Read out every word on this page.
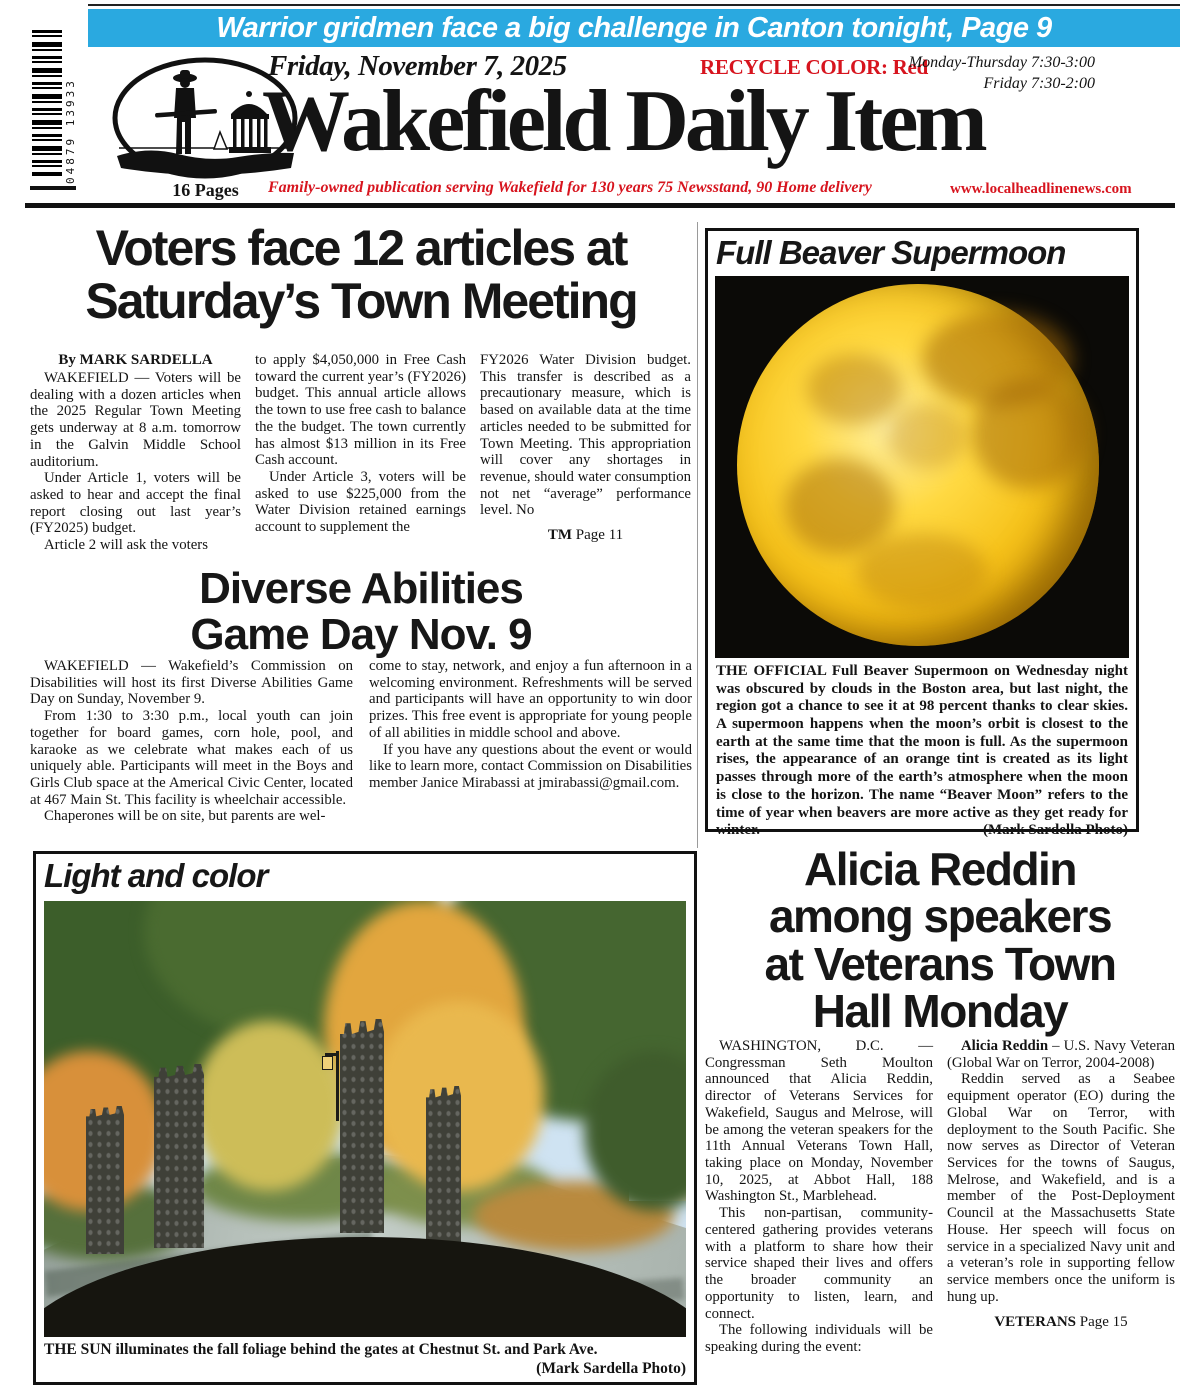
Warrior gridmen face a big challenge in Canton tonight, Page 9
04879 13933
16 Pages
Friday, November 7, 2025	RECYCLE COLOR: Red
Monday-Thursday 7:30-3:00
Friday 7:30-2:00
Wakefield Daily Item
Family-owned publication serving Wakefield for 130 years 75 Newsstand, 90 Home delivery	www.localheadlinenews.com
Voters face 12 articles at
Saturday’s Town Meeting

By MARK SARDELLA

WAKEFIELD — Voters will be dealing with a dozen articles when the 2025 Regular Town Meeting gets underway at 8 a.m. tomorrow in the Galvin Middle School auditorium.

Under Article 1, voters will be asked to hear and accept the final report closing out last year’s (FY2025) budget.

Article 2 will ask the voters

to apply $4,050,000 in Free Cash toward the current year’s (FY2026) budget. This annual article allows the town to use free cash to balance the the budget. The town currently has almost $13 million in its Free Cash account.

Under Article 3, voters will be asked to use $225,000 from the Water Division retained earnings account to supplement the

FY2026 Water Division budget. This transfer is described as a precautionary measure, which is based on available data at the time articles needed to be submitted for Town Meeting. This appropriation will cover any shortages in revenue, should water consumption not net “average” performance level. No

TM Page 11

Full Beaver Supermoon
THE OFFICIAL Full Beaver Supermoon on Wednesday night was obscured by clouds in the Boston area, but last night, the region got a chance to see it at 98 percent thanks to clear skies. A supermoon happens when the moon’s orbit is closest to the earth at the same time that the moon is full. As the supermoon rises, the appearance of an orange tint is created as its light passes through more of the earth’s atmosphere when the moon is close to the horizon. The name “Beaver Moon” refers to the time of year when beavers are more active as they get ready for winter.	(Mark Sardella Photo)
Diverse Abilities
Game Day Nov. 9

WAKEFIELD — Wakefield’s Commission on Disabilities will host its first Diverse Abilities Game Day on Sunday, November 9.

From 1:30 to 3:30 p.m., local youth can join together for board games, corn hole, pool, and karaoke as we celebrate what makes each of us uniquely able. Participants will meet in the Boys and Girls Club space at the Americal Civic Center, located at 467 Main St. This facility is wheelchair accessible.

Chaperones will be on site, but parents are wel-

come to stay, network, and enjoy a fun afternoon in a welcoming environment. Refreshments will be served and participants will have an opportunity to win door prizes. This free event is appropriate for young people of all abilities in middle school and above.

If you have any questions about the event or would like to learn more, contact Commission on Disabilities member Janice Mirabassi at jmirabassi@gmail.com.

Light and color
THE SUN illuminates the fall foliage behind the gates at Chestnut St. and Park Ave.
(Mark Sardella Photo)
Alicia Reddin
among speakers
at Veterans Town
Hall Monday

WASHINGTON, D.C. — Congressman Seth Moulton announced that Alicia Reddin, director of Veterans Services for Wakefield, Saugus and Melrose, will be among the veteran speakers for the 11th Annual Veterans Town Hall, taking place on Monday, November 10, 2025, at Abbot Hall, 188 Washington St., Marblehead.

This non-partisan, community-centered gathering provides veterans with a platform to share how their service shaped their lives and offers the broader community an opportunity to listen, learn, and connect.

The following individuals will be speaking during the event:

Alicia Reddin – U.S. Navy Veteran (Global War on Terror, 2004-2008)

Reddin served as a Seabee equipment operator (EO) during the Global War on Terror, with deployment to the South Pacific. She now serves as Director of Veteran Services for the towns of Saugus, Melrose, and Wakefield, and is a member of the Post-Deployment Council at the Massachusetts State House. Her speech will focus on service in a specialized Navy unit and a veteran’s role in supporting fellow service members once the uniform is hung up.

VETERANS Page 15
